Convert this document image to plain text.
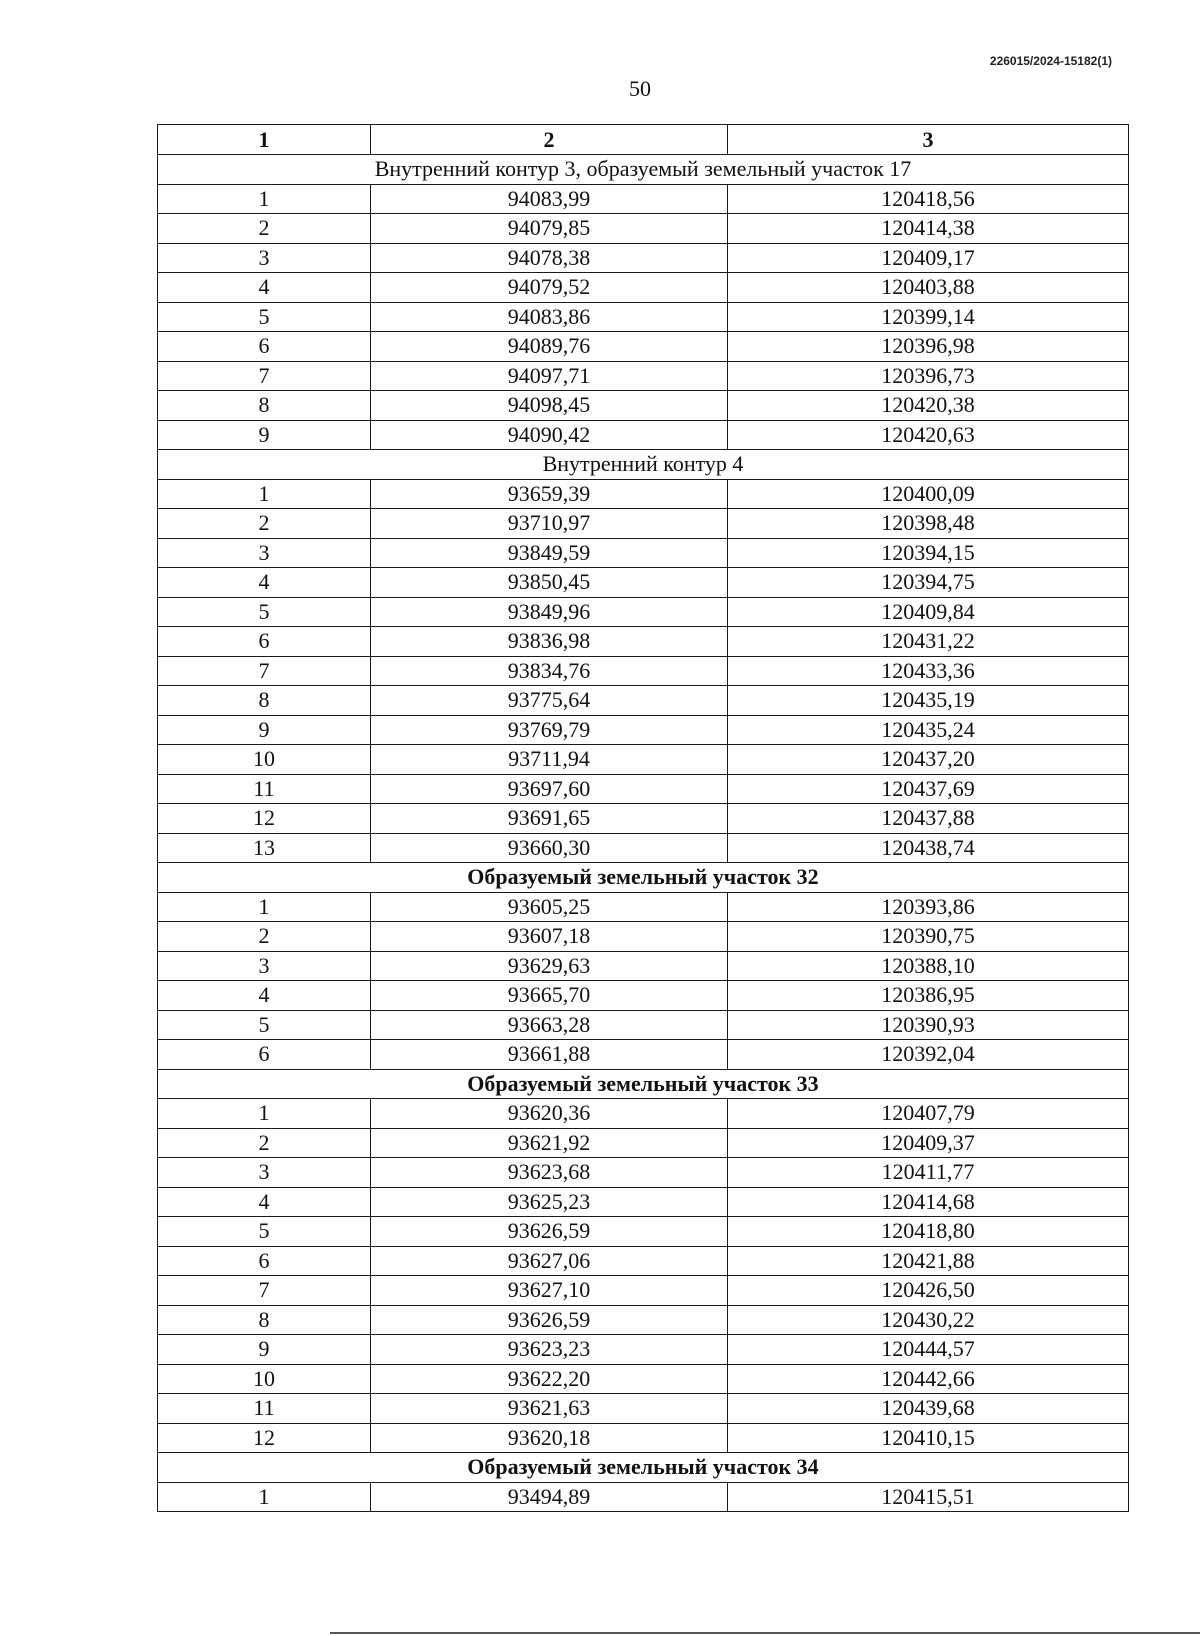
226015/2024-15182(1)
50
1	2	3
Внутренний контур 3, образуемый земельный участок 17		
1	94083,99	120418,56
2	94079,85	120414,38
3	94078,38	120409,17
4	94079,52	120403,88
5	94083,86	120399,14
6	94089,76	120396,98
7	94097,71	120396,73
8	94098,45	120420,38
9	94090,42	120420,63
Внутренний контур 4		
1	93659,39	120400,09
2	93710,97	120398,48
3	93849,59	120394,15
4	93850,45	120394,75
5	93849,96	120409,84
6	93836,98	120431,22
7	93834,76	120433,36
8	93775,64	120435,19
9	93769,79	120435,24
10	93711,94	120437,20
11	93697,60	120437,69
12	93691,65	120437,88
13	93660,30	120438,74
Образуемый земельный участок 32		
1	93605,25	120393,86
2	93607,18	120390,75
3	93629,63	120388,10
4	93665,70	120386,95
5	93663,28	120390,93
6	93661,88	120392,04
Образуемый земельный участок 33		
1	93620,36	120407,79
2	93621,92	120409,37
3	93623,68	120411,77
4	93625,23	120414,68
5	93626,59	120418,80
6	93627,06	120421,88
7	93627,10	120426,50
8	93626,59	120430,22
9	93623,23	120444,57
10	93622,20	120442,66
11	93621,63	120439,68
12	93620,18	120410,15
Образуемый земельный участок 34		
1	93494,89	120415,51
